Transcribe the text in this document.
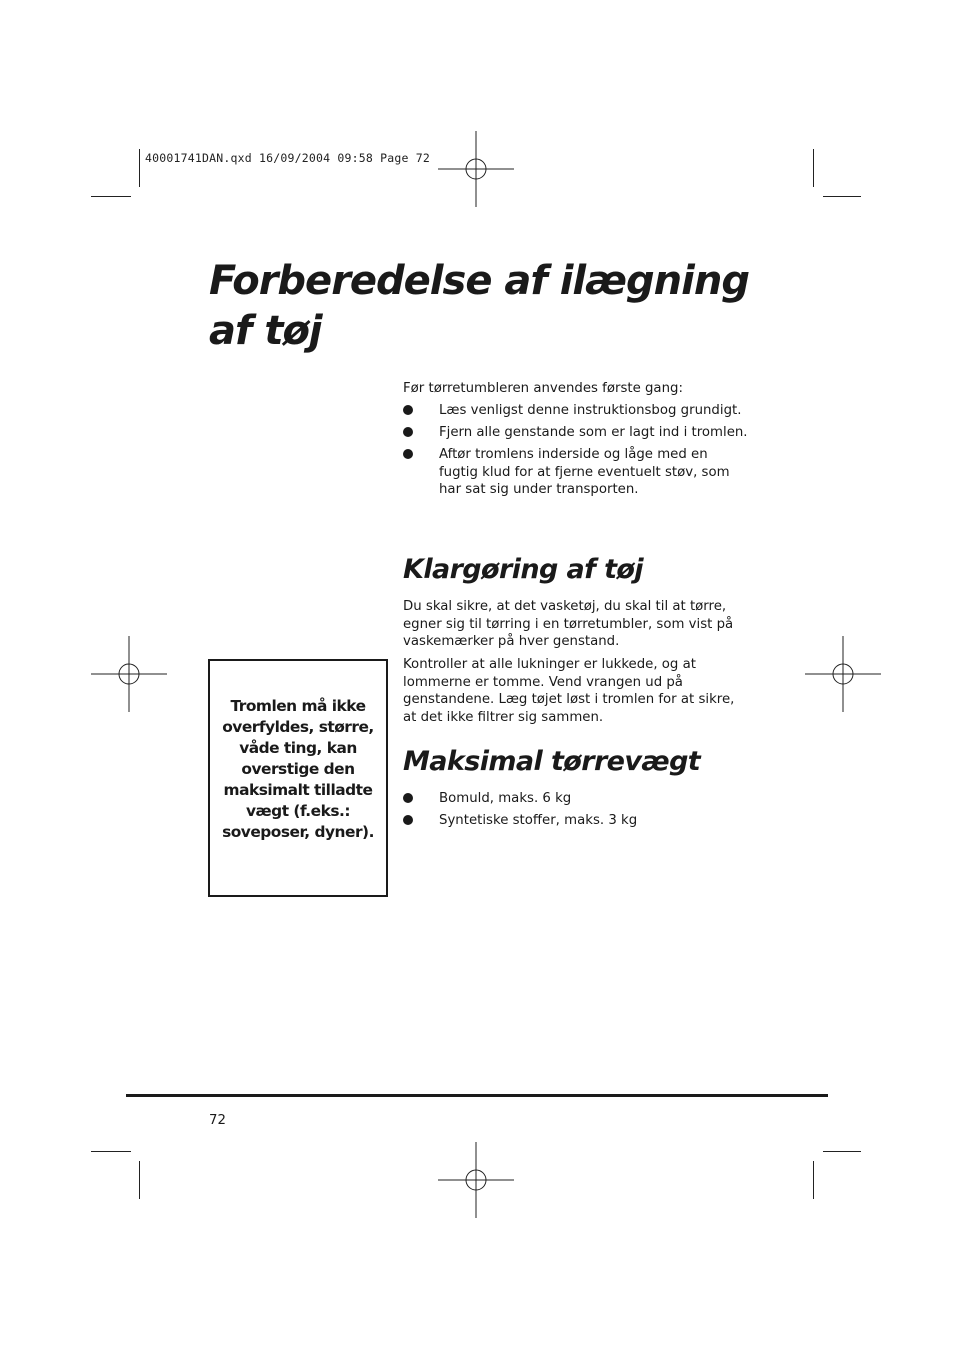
40001741DAN.qxd 16/09/2004 09:58 Page 72
Forberedelse af ilægning
af tøj

Før tørretumbleren anvendes første gang:

Læs venligst denne instruktionsbog grundigt.
Fjern alle genstande som er lagt ind i tromlen.
Aftør tromlens inderside og låge med en fugtig klud for at fjerne eventuelt støv, som har sat sig under transporten.
Klargøring af tøj

Du skal sikre, at det vasketøj, du skal til at tørre, egner sig til tørring i en tørretumbler, som vist på vaskemærker på hver genstand.

Kontroller at alle lukninger er lukkede, og at lommerne er tomme. Vend vrangen ud på genstandene. Læg tøjet løst i tromlen for at sikre, at det ikke filtrer sig sammen.

Maksimal tørrevægt
Bomuld, maks. 6 kg
Syntetiske stoffer, maks. 3 kg

Tromlen må ikke overfyldes, større, våde ting, kan overstige den maksimalt tilladte vægt (f.eks.: soveposer, dyner).

72
